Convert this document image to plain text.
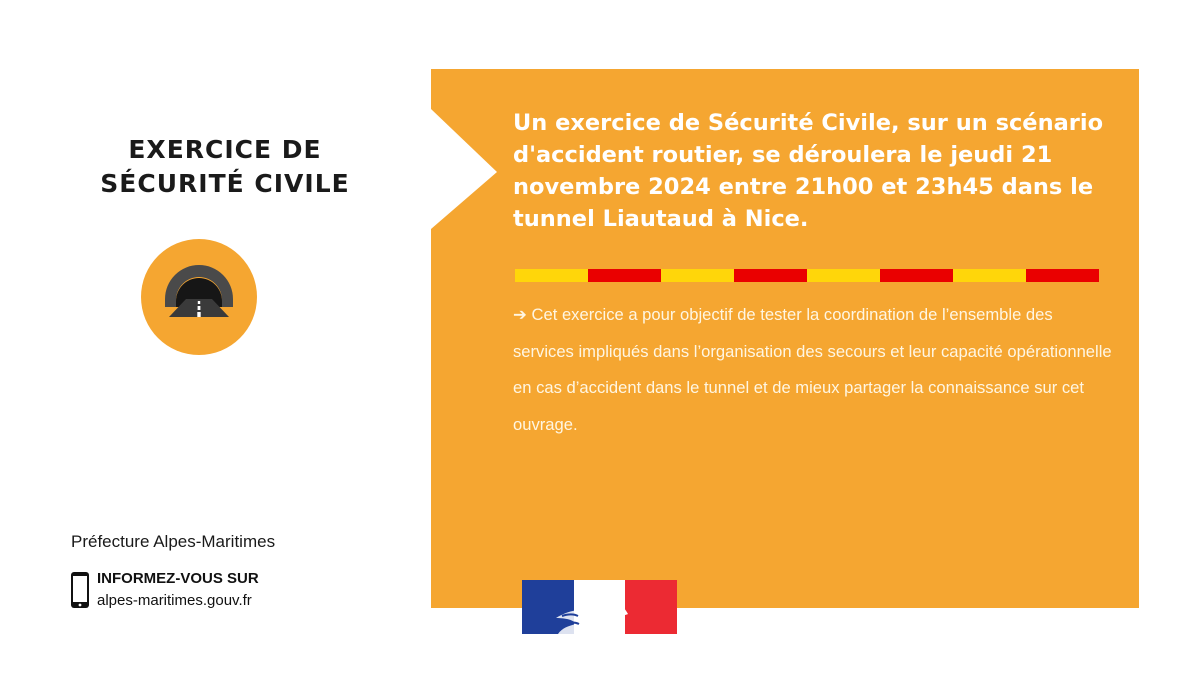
EXERCICE DE
SÉCURITÉ CIVILE
Préfecture Alpes-Maritimes
INFORMEZ-VOUS SUR
alpes-maritimes.gouv.fr
Un exercice de Sécurité Civile, sur un scénario d'accident routier, se déroulera le jeudi 21 novembre 2024 entre 21h00 et 23h45 dans le tunnel Liautaud à Nice.
➔ Cet exercice a pour objectif de tester la coordination de l’ensemble des services impliqués dans l’organisation des secours et leur capacité opérationnelle en cas d’accident dans le tunnel et de mieux partager la connaissance sur cet ouvrage.
